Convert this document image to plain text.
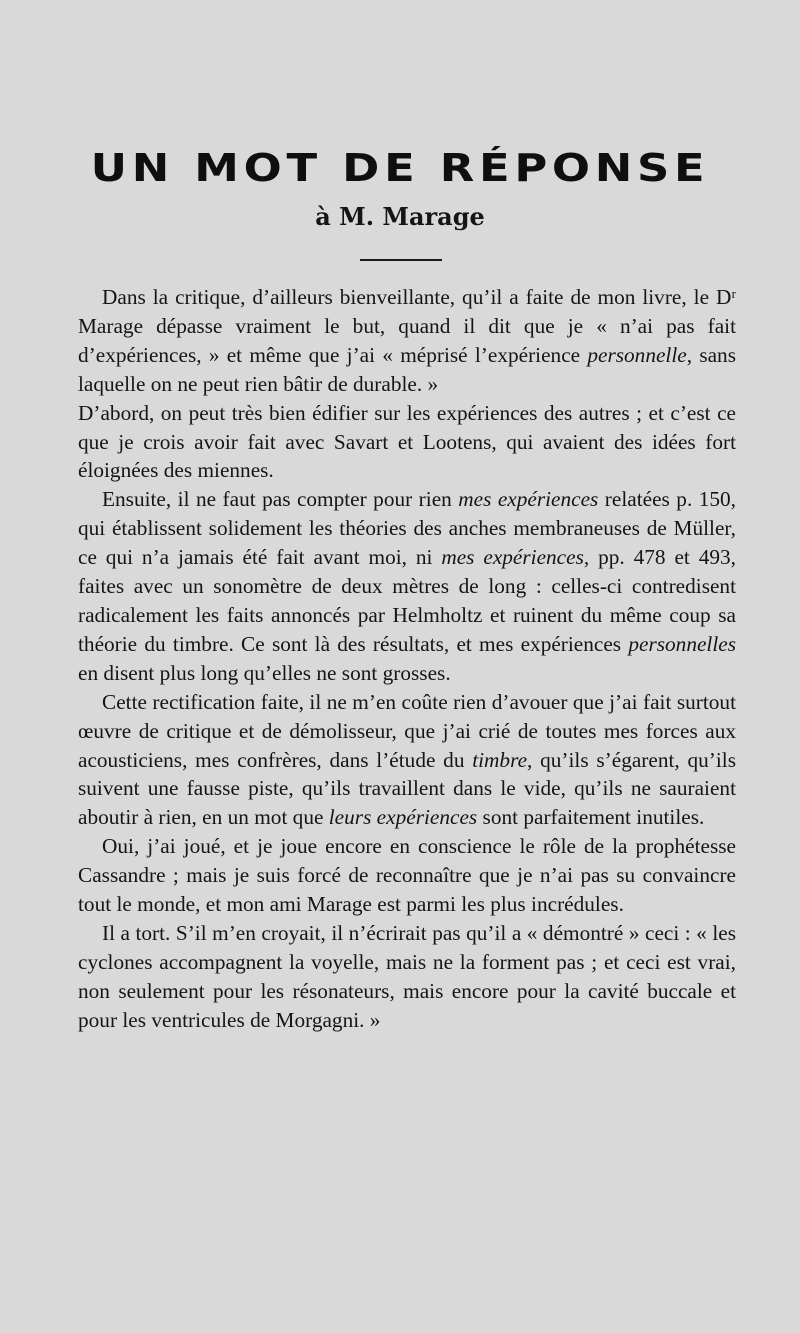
UN MOT DE RÉPONSE
à M. Marage

Dans la critique, d’ailleurs bienveillante, qu’il a faite de mon livre, le Dʳ Marage dépasse vraiment le but, quand il dit que je « n’ai pas fait d’expériences, » et même que j’ai « méprisé l’expérience personnelle, sans laquelle on ne peut rien bâtir de durable. »

D’abord, on peut très bien édifier sur les expériences des autres ; et c’est ce que je crois avoir fait avec Savart et Lootens, qui avaient des idées fort éloignées des miennes.

Ensuite, il ne faut pas compter pour rien mes expériences relatées p. 150, qui établissent solidement les théories des anches membraneuses de Müller, ce qui n’a jamais été fait avant moi, ni mes expériences, pp. 478 et 493, faites avec un sonomètre de deux mètres de long : celles-ci contredisent radicalement les faits annoncés par Helmholtz et ruinent du même coup sa théorie du timbre. Ce sont là des résultats, et mes expériences personnelles en disent plus long qu’elles ne sont grosses.

Cette rectification faite, il ne m’en coûte rien d’avouer que j’ai fait surtout œuvre de critique et de démolisseur, que j’ai crié de toutes mes forces aux acousticiens, mes confrères, dans l’étude du timbre, qu’ils s’égarent, qu’ils suivent une fausse piste, qu’ils travaillent dans le vide, qu’ils ne sauraient aboutir à rien, en un mot que leurs expériences sont parfaitement inutiles.

Oui, j’ai joué, et je joue encore en conscience le rôle de la prophétesse Cassandre ; mais je suis forcé de reconnaître que je n’ai pas su convaincre tout le monde, et mon ami Marage est parmi les plus incrédules.

Il a tort. S’il m’en croyait, il n’écrirait pas qu’il a « démontré » ceci : « les cyclones accompagnent la voyelle, mais ne la forment pas ; et ceci est vrai, non seulement pour les résonateurs, mais encore pour la cavité buccale et pour les ventricules de Morgagni. »
